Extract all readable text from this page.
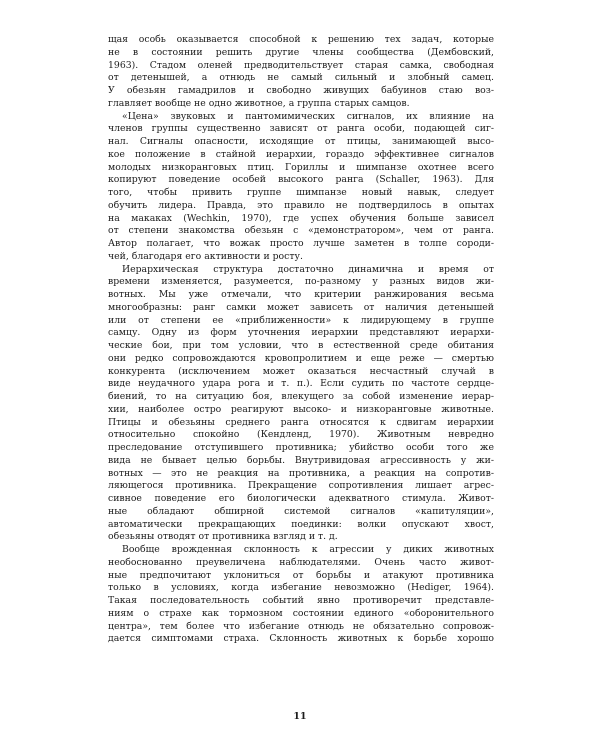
щая особь оказывается способной к решению тех задач, которые
не в состоянии решить другие члены сообщества (Дембовский,
1963). Стадом оленей предводительствует старая самка, свободная
от детенышей, а отнюдь не самый сильный и злобный самец.
У обезьян гамадрилов и свободно живущих бабуинов стаю воз-
главляет вообще не одно животное, а группа старых самцов.
«Цена» звуковых и пантомимических сигналов, их влияние на
членов группы существенно зависят от ранга особи, подающей сиг-
нал. Сигналы опасности, исходящие от птицы, занимающей высо-
кое положение в стайной иерархии, гораздо эффективнее сигналов
молодых низкоранговых птиц. Гориллы и шимпанзе охотнее всего
копируют поведение особей высокого ранга (Schaller, 1963). Для
того, чтобы привить группе шимпанзе новый навык, следует
обучить лидера. Правда, это правило не подтвердилось в опытах
на макаках (Wechkin, 1970), где успех обучения больше зависел
от степени знакомства обезьян с «демонстратором», чем от ранга.
Автор полагает, что вожак просто лучше заметен в толпе сороди-
чей, благодаря его активности и росту.
Иерархическая структура достаточно динамична и время от
времени изменяется, разумеется, по-разному у разных видов жи-
вотных. Мы уже отмечали, что критерии ранжирования весьма
многообразны: ранг самки может зависеть от наличия детенышей
или от степени ее «приближенности» к лидирующему в группе
самцу. Одну из форм уточнения иерархии представляют иерархи-
ческие бои, при том условии, что в естественной среде обитания
они редко сопровождаются кровопролитием и еще реже — смертью
конкурента (исключением может оказаться несчастный случай в
виде неудачного удара рога и т. п.). Если судить по частоте сердце-
биений, то на ситуацию боя, влекущего за собой изменение иерар-
хии, наиболее остро реагируют высоко- и низкоранговые животные.
Птицы и обезьяны среднего ранга относятся к сдвигам иерархии
относительно спокойно (Кендленд, 1970). Животным невредно
преследование отступившего противника; убийство особи того же
вида не бывает целью борьбы. Внутривидовая агрессивность у жи-
вотных — это не реакция на противника, а реакция на сопротив-
ляющегося противника. Прекращение сопротивления лишает агрес-
сивное поведение его биологически адекватного стимула. Живот-
ные обладают обширной системой сигналов «капитуляции»,
автоматически прекращающих поединки: волки опускают хвост,
обезьяны отводят от противника взгляд и т. д.
Вообще врожденная склонность к агрессии у диких животных
необоснованно преувеличена наблюдателями. Очень часто живот-
ные предпочитают уклониться от борьбы и атакуют противника
только в условиях, когда избегание невозможно (Hediger, 1964).
Такая последовательность событий явно противоречит представле-
ниям о страхе как тормозном состоянии единого «оборонительного
центра», тем более что избегание отнюдь не обязательно сопровож-
дается симптомами страха. Склонность животных к борьбе хорошо
11
